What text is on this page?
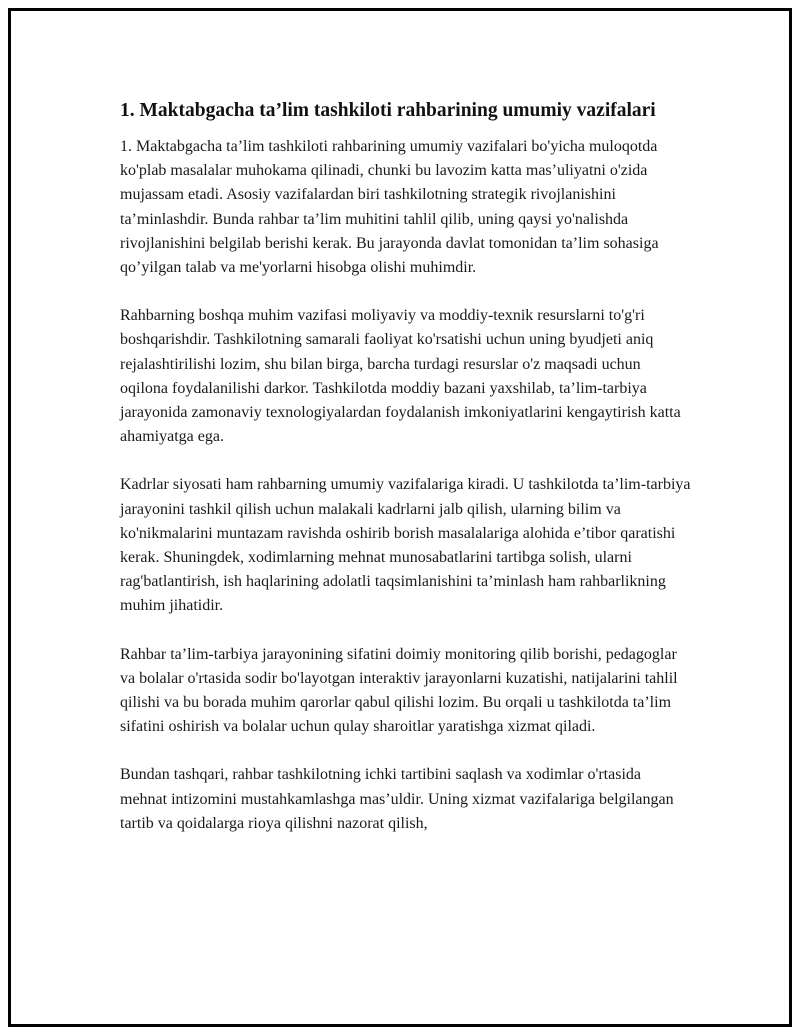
1. Maktabgacha ta’lim tashkiloti rahbarining umumiy vazifalari

1. Maktabgacha ta’lim tashkiloti rahbarining umumiy vazifalari bo'yicha muloqotda ko'plab masalalar muhokama qilinadi, chunki bu lavozim katta mas’uliyatni o'zida mujassam etadi. Asosiy vazifalardan biri tashkilotning strategik rivojlanishini ta’minlashdir. Bunda rahbar ta’lim muhitini tahlil qilib, uning qaysi yo'nalishda rivojlanishini belgilab berishi kerak. Bu jarayonda davlat tomonidan ta’lim sohasiga qo’yilgan talab va me'yorlarni hisobga olishi muhimdir.

Rahbarning boshqa muhim vazifasi moliyaviy va moddiy-texnik resurslarni to'g'ri boshqarishdir. Tashkilotning samarali faoliyat ko'rsatishi uchun uning byudjeti aniq rejalashtirilishi lozim, shu bilan birga, barcha turdagi resurslar o'z maqsadi uchun oqilona foydalanilishi darkor. Tashkilotda moddiy bazani yaxshilab, ta’lim-tarbiya jarayonida zamonaviy texnologiyalardan foydalanish imkoniyatlarini kengaytirish katta ahamiyatga ega.

Kadrlar siyosati ham rahbarning umumiy vazifalariga kiradi. U tashkilotda ta’lim-tarbiya jarayonini tashkil qilish uchun malakali kadrlarni jalb qilish, ularning bilim va ko'nikmalarini muntazam ravishda oshirib borish masalalariga alohida e’tibor qaratishi kerak. Shuningdek, xodimlarning mehnat munosabatlarini tartibga solish, ularni rag'batlantirish, ish haqlarining adolatli taqsimlanishini ta’minlash ham rahbarlikning muhim jihatidir.

Rahbar ta’lim-tarbiya jarayonining sifatini doimiy monitoring qilib borishi, pedagoglar va bolalar o'rtasida sodir bo'layotgan interaktiv jarayonlarni kuzatishi, natijalarini tahlil qilishi va bu borada muhim qarorlar qabul qilishi lozim. Bu orqali u tashkilotda ta’lim sifatini oshirish va bolalar uchun qulay sharoitlar yaratishga xizmat qiladi.

Bundan tashqari, rahbar tashkilotning ichki tartibini saqlash va xodimlar o'rtasida mehnat intizomini mustahkamlashga mas’uldir. Uning xizmat vazifalariga belgilangan tartib va qoidalarga rioya qilishni nazorat qilish,
